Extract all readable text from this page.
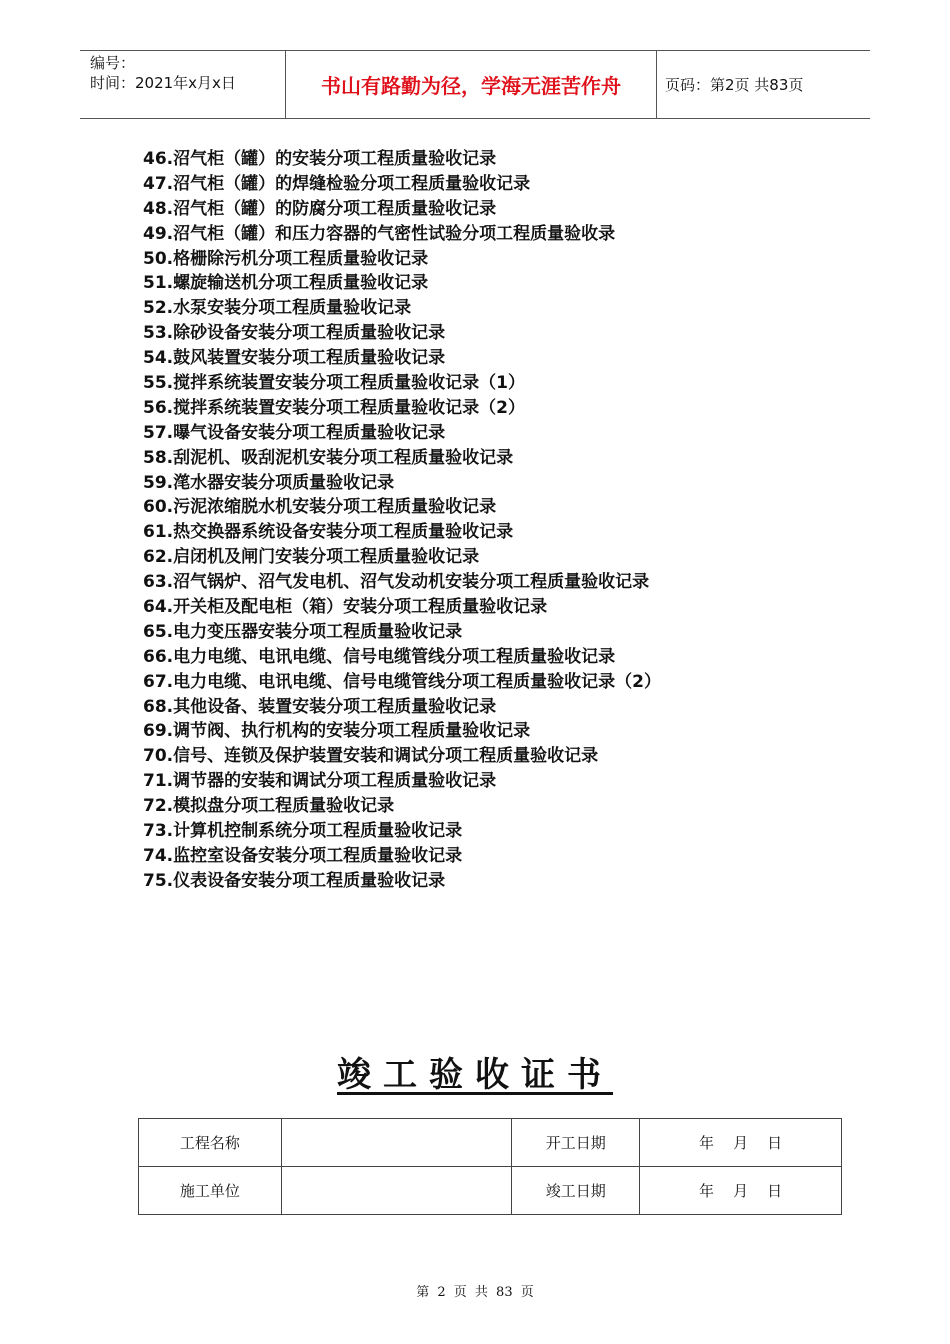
编号：
时间：2021年x月x日	书山有路勤为径，学海无涯苦作舟	页码：第2页 共83页
46.沼气柜（罐）的安装分项工程质量验收记录
47.沼气柜（罐）的焊缝检验分项工程质量验收记录
48.沼气柜（罐）的防腐分项工程质量验收记录
49.沼气柜（罐）和压力容器的气密性试验分项工程质量验收录
50.格栅除污机分项工程质量验收记录
51.螺旋输送机分项工程质量验收记录
52.水泵安装分项工程质量验收记录
53.除砂设备安装分项工程质量验收记录
54.鼓风装置安装分项工程质量验收记录
55.搅拌系统装置安装分项工程质量验收记录（1）
56.搅拌系统装置安装分项工程质量验收记录（2）
57.曝气设备安装分项工程质量验收记录
58.刮泥机、吸刮泥机安装分项工程质量验收记录
59.滗水器安装分项质量验收记录
60.污泥浓缩脱水机安装分项工程质量验收记录
61.热交换器系统设备安装分项工程质量验收记录
62.启闭机及闸门安装分项工程质量验收记录
63.沼气锅炉、沼气发电机、沼气发动机安装分项工程质量验收记录
64.开关柜及配电柜（箱）安装分项工程质量验收记录
65.电力变压器安装分项工程质量验收记录
66.电力电缆、电讯电缆、信号电缆管线分项工程质量验收记录
67.电力电缆、电讯电缆、信号电缆管线分项工程质量验收记录（2）
68.其他设备、装置安装分项工程质量验收记录
69.调节阀、执行机构的安装分项工程质量验收记录
70.信号、连锁及保护装置安装和调试分项工程质量验收记录
71.调节器的安装和调试分项工程质量验收记录
72.模拟盘分项工程质量验收记录
73.计算机控制系统分项工程质量验收记录
74.监控室设备安装分项工程质量验收记录
75.仪表设备安装分项工程质量验收记录
竣工验收证书
工程名称		开工日期	年    月    日
施工单位		竣工日期	年    月    日
第 2 页 共 83 页
